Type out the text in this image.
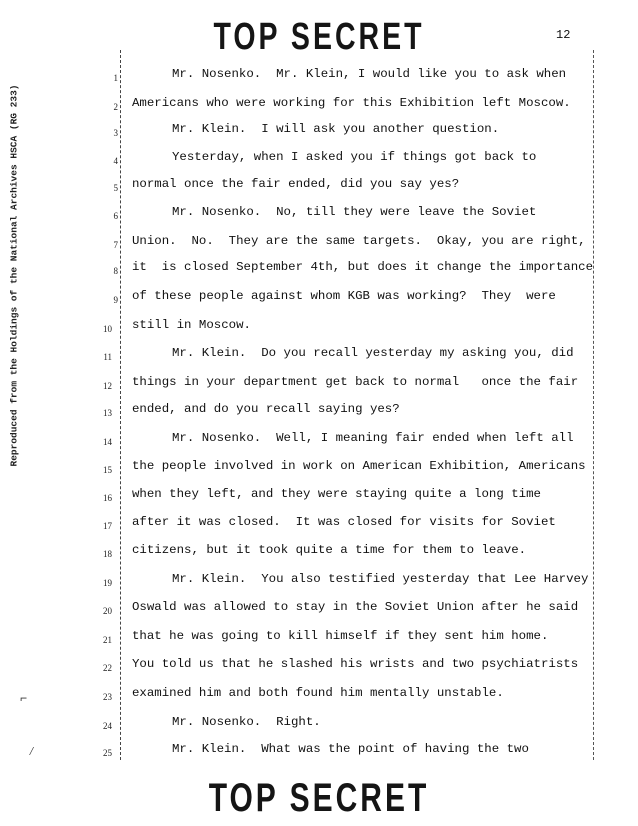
TOP SECRET	12
Reproduced from the Holdings of the National Archives HSCA (RG 233)
1
2
3
4
5
6
7
8
9
10
11
12
13
14
15
16
17
18
19
20
21
22
23
24
25
Mr. Nosenko.  Mr. Klein, I would like you to ask when
Americans who were working for this Exhibition left Moscow.
Mr. Klein.  I will ask you another question.
Yesterday, when I asked you if things got back to
normal once the fair ended, did you say yes?
Mr. Nosenko.  No, till they were leave the Soviet
Union.  No.  They are the same targets.  Okay, you are right,
it  is closed September 4th, but does it change the importance
of these people against whom KGB was working?  They  were
still in Moscow.
Mr. Klein.  Do you recall yesterday my asking you, did
things in your department get back to normal   once the fair
ended, and do you recall saying yes?
Mr. Nosenko.  Well, I meaning fair ended when left all
the people involved in work on American Exhibition, Americans
when they left, and they were staying quite a long time
after it was closed.  It was closed for visits for Soviet
citizens, but it took quite a time for them to leave.
Mr. Klein.  You also testified yesterday that Lee Harvey
Oswald was allowed to stay in the Soviet Union after he said
that he was going to kill himself if they sent him home.
You told us that he slashed his wrists and two psychiatrists
examined him and both found him mentally unstable.
Mr. Nosenko.  Right.
Mr. Klein.  What was the point of having the two
⌐
⁄
TOP SECRET
